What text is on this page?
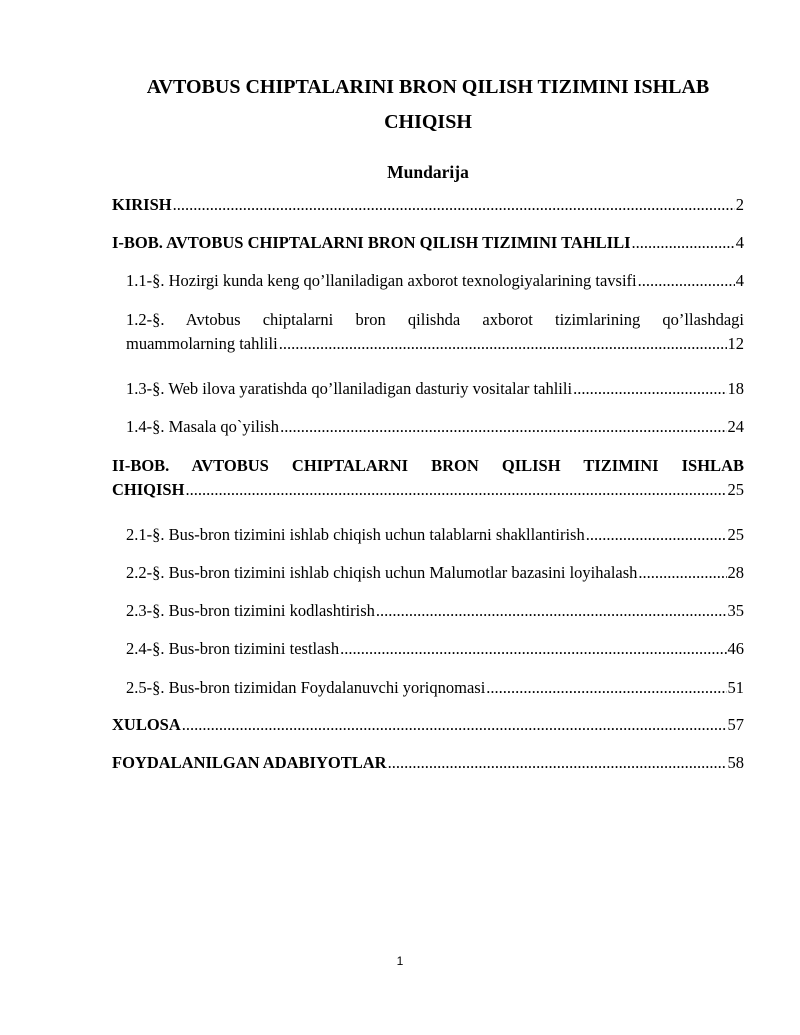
AVTOBUS CHIPTALARINI BRON QILISH TIZIMINI ISHLAB
CHIQISH
Mundarija
KIRISH .....	2
I-BOB. AVTOBUS CHIPTALARNI BRON QILISH TIZIMINI TAHLILI .....	4
1.1-§. Hozirgi kunda keng qo’llaniladigan axborot texnologiyalarining tavsifi .....	4
1.2-§. Avtobus chiptalarni bron qilishda axborot tizimlarining qo’llashdagi
muammolarning tahlili .....	12
1.3-§. Web ilova yaratishda qo’llaniladigan dasturiy vositalar tahlili .....	18
1.4-§. Masala qo`yilish .....	24
II-BOB. AVTOBUS CHIPTALARNI BRON QILISH TIZIMINI ISHLAB
CHIQISH .....	25
2.1-§. Bus-bron tizimini ishlab chiqish uchun talablarni shakllantirish .....	25
2.2-§. Bus-bron tizimini ishlab chiqish uchun Malumotlar bazasini loyihalash .....	28
2.3-§. Bus-bron tizimini kodlashtirish .....	35
2.4-§. Bus-bron tizimini testlash .....	46
2.5-§. Bus-bron tizimidan Foydalanuvchi yoriqnomasi .....	51
XULOSA .....	57
FOYDALANILGAN ADABIYOTLAR .....	58
1
